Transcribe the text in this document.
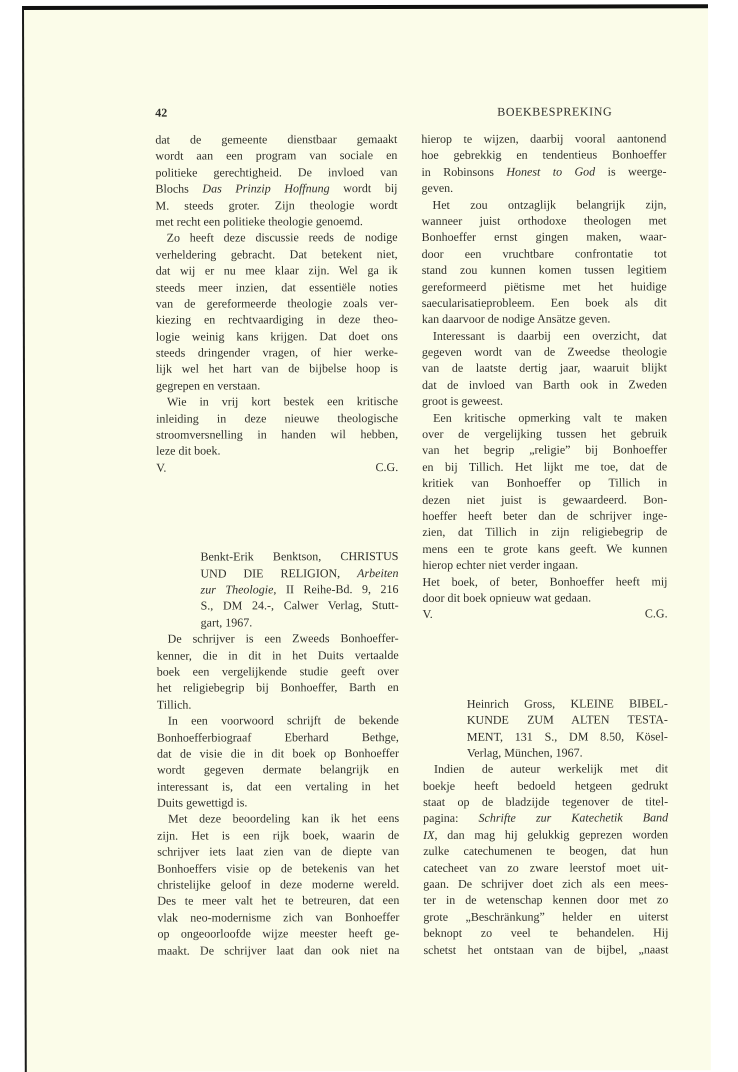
42	BOEKBESPREKING
dat de gemeente dienstbaar gemaakt
wordt aan een program van sociale en
politieke gerechtigheid. De invloed van
Blochs Das Prinzip Hoffnung wordt bij
M. steeds groter. Zijn theologie wordt
met recht een politieke theologie genoemd.
Zo heeft deze discussie reeds de nodige
verheldering gebracht. Dat betekent niet,
dat wij er nu mee klaar zijn. Wel ga ik
steeds meer inzien, dat essentiële noties
van de gereformeerde theologie zoals ver-
kiezing en rechtvaardiging in deze theo-
logie weinig kans krijgen. Dat doet ons
steeds dringender vragen, of hier werke-
lijk wel het hart van de bijbelse hoop is
gegrepen en verstaan.
Wie in vrij kort bestek een kritische
inleiding in deze nieuwe theologische
stroomversnelling in handen wil hebben,
leze dit boek.
V.	C.G.
Benkt-Erik Benktson, CHRISTUS
UND DIE RELIGION, Arbeiten
zur Theologie, II Reihe-Bd. 9, 216
S., DM 24.-, Calwer Verlag, Stutt-
gart, 1967.
De schrijver is een Zweeds Bonhoeffer-
kenner, die in dit in het Duits vertaalde
boek een vergelijkende studie geeft over
het religiebegrip bij Bonhoeffer, Barth en
Tillich.
In een voorwoord schrijft de bekende
Bonhoefferbiograaf Eberhard Bethge,
dat de visie die in dit boek op Bonhoeffer
wordt gegeven dermate belangrijk en
interessant is, dat een vertaling in het
Duits gewettigd is.
Met deze beoordeling kan ik het eens
zijn. Het is een rijk boek, waarin de
schrijver iets laat zien van de diepte van
Bonhoeffers visie op de betekenis van het
christelijke geloof in deze moderne wereld.
Des te meer valt het te betreuren, dat een
vlak neo-modernisme zich van Bonhoeffer
op ongeoorloofde wijze meester heeft ge-
maakt. De schrijver laat dan ook niet na
hierop te wijzen, daarbij vooral aantonend
hoe gebrekkig en tendentieus Bonhoeffer
in Robinsons Honest to God is weerge-
geven.
Het zou ontzaglijk belangrijk zijn,
wanneer juist orthodoxe theologen met
Bonhoeffer ernst gingen maken, waar-
door een vruchtbare confrontatie tot
stand zou kunnen komen tussen legitiem
gereformeerd piëtisme met het huidige
saecularisatieprobleem. Een boek als dit
kan daarvoor de nodige Ansätze geven.
Interessant is daarbij een overzicht, dat
gegeven wordt van de Zweedse theologie
van de laatste dertig jaar, waaruit blijkt
dat de invloed van Barth ook in Zweden
groot is geweest.
Een kritische opmerking valt te maken
over de vergelijking tussen het gebruik
van het begrip „religie” bij Bonhoeffer
en bij Tillich. Het lijkt me toe, dat de
kritiek van Bonhoeffer op Tillich in
dezen niet juist is gewaardeerd. Bon-
hoeffer heeft beter dan de schrijver inge-
zien, dat Tillich in zijn religiebegrip de
mens een te grote kans geeft. We kunnen
hierop echter niet verder ingaan.
Het boek, of beter, Bonhoeffer heeft mij
door dit boek opnieuw wat gedaan.
V.	C.G.
Heinrich Gross, KLEINE BIBEL-
KUNDE ZUM ALTEN TESTA-
MENT, 131 S., DM 8.50, Kösel-
Verlag, München, 1967.
Indien de auteur werkelijk met dit
boekje heeft bedoeld hetgeen gedrukt
staat op de bladzijde tegenover de titel-
pagina: Schrifte zur Katechetik Band
IX, dan mag hij gelukkig geprezen worden
zulke catechumenen te beogen, dat hun
catecheet van zo zware leerstof moet uit-
gaan. De schrijver doet zich als een mees-
ter in de wetenschap kennen door met zo
grote „Beschränkung” helder en uiterst
beknopt zo veel te behandelen. Hij
schetst het ontstaan van de bijbel, „naast
